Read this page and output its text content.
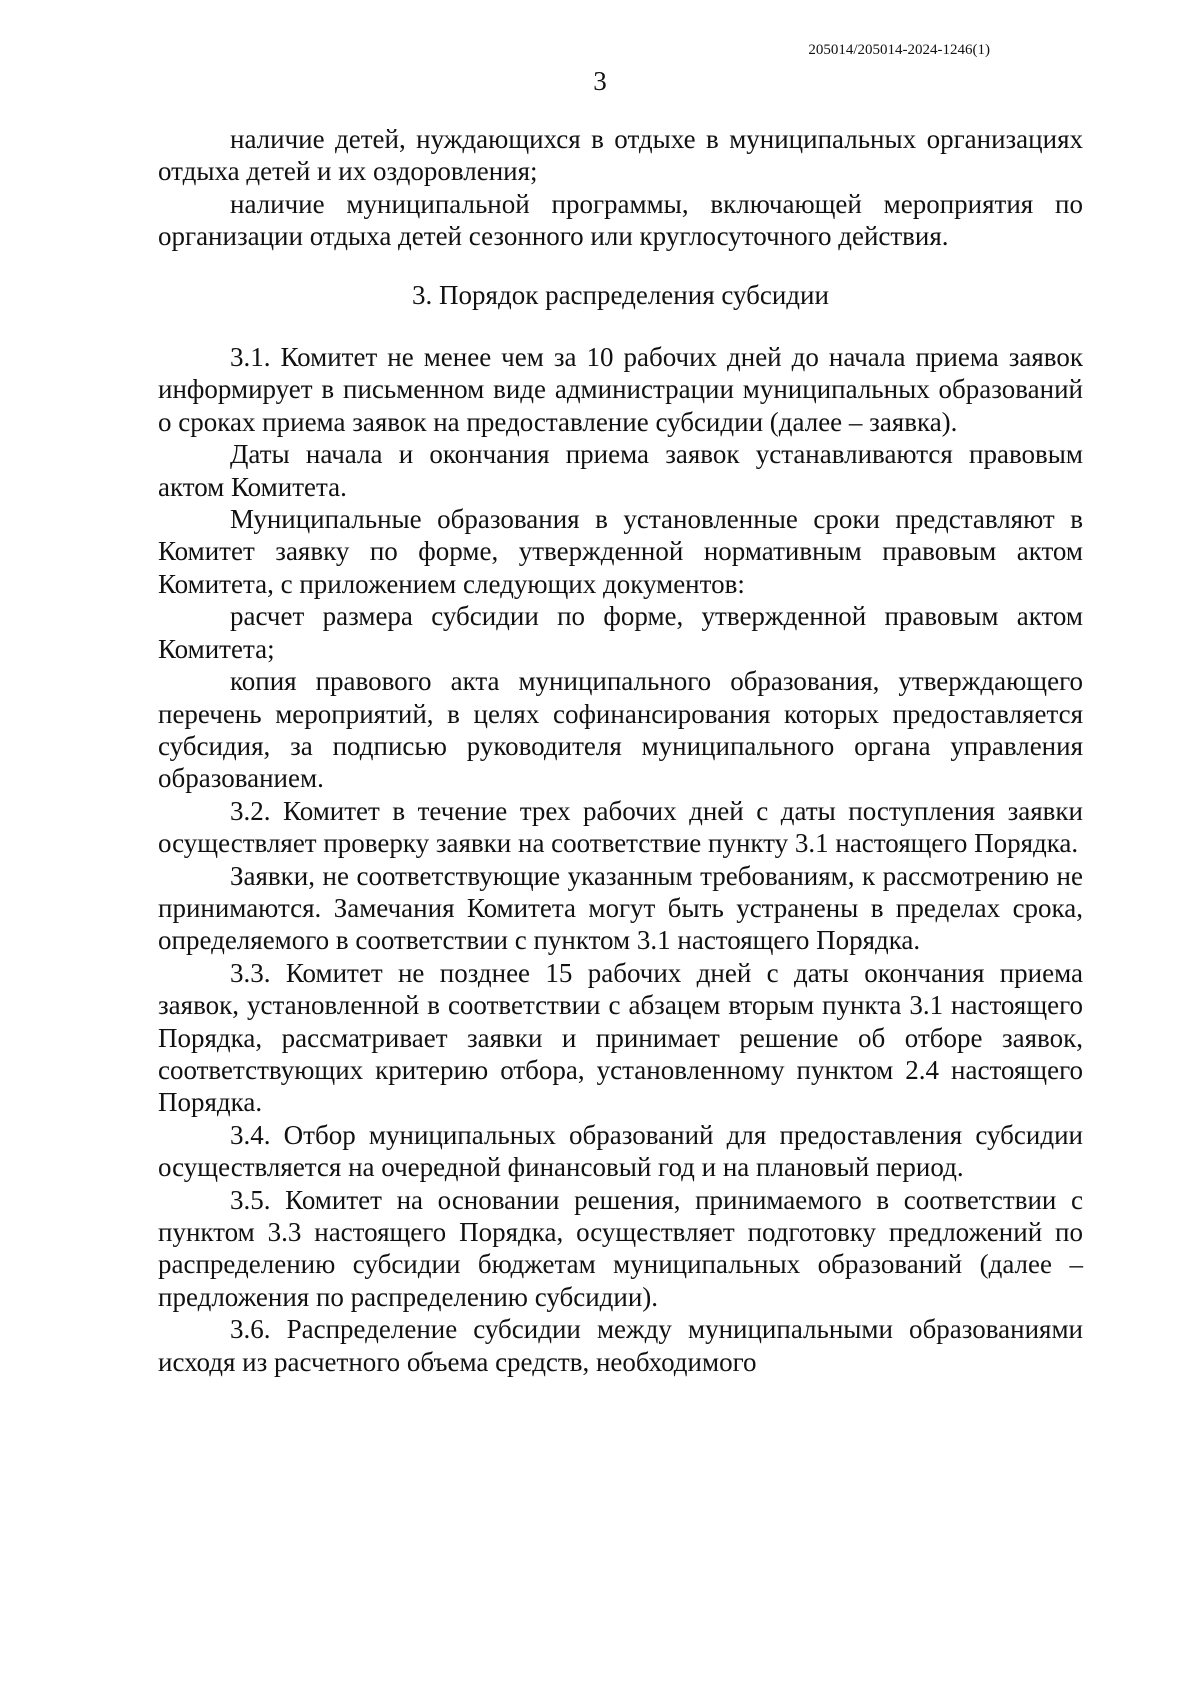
205014/205014-2024-1246(1)
3

наличие детей, нуждающихся в отдыхе в муниципальных организациях отдыха детей и их оздоровления;

наличие муниципальной программы, включающей мероприятия по организации отдыха детей сезонного или круглосуточного действия.

3. Порядок распределения субсидии

3.1. Комитет не менее чем за 10 рабочих дней до начала приема заявок информирует в письменном виде администрации муниципальных образований о сроках приема заявок на предоставление субсидии (далее – заявка).

Даты начала и окончания приема заявок устанавливаются правовым актом Комитета.

Муниципальные образования в установленные сроки представляют в Комитет заявку по форме, утвержденной нормативным правовым актом Комитета, с приложением следующих документов:

расчет размера субсидии по форме, утвержденной правовым актом Комитета;

копия правового акта муниципального образования, утверждающего перечень мероприятий, в целях софинансирования которых предоставляется субсидия, за подписью руководителя муниципального органа управления образованием.

3.2. Комитет в течение трех рабочих дней с даты поступления заявки осуществляет проверку заявки на соответствие пункту 3.1 настоящего Порядка.

Заявки, не соответствующие указанным требованиям, к рассмотрению не принимаются. Замечания Комитета могут быть устранены в пределах срока, определяемого в соответствии с пунктом 3.1 настоящего Порядка.

3.3. Комитет не позднее 15 рабочих дней с даты окончания приема заявок, установленной в соответствии с абзацем вторым пункта 3.1 настоящего Порядка, рассматривает заявки и принимает решение об отборе заявок, соответствующих критерию отбора, установленному пунктом 2.4 настоящего Порядка.

3.4. Отбор муниципальных образований для предоставления субсидии осуществляется на очередной финансовый год и на плановый период.

3.5. Комитет на основании решения, принимаемого в соответствии с пунктом 3.3 настоящего Порядка, осуществляет подготовку предложений по распределению субсидии бюджетам муниципальных образований (далее – предложения по распределению субсидии).

3.6. Распределение субсидии между муниципальными образованиями исходя из расчетного объема средств, необходимого
